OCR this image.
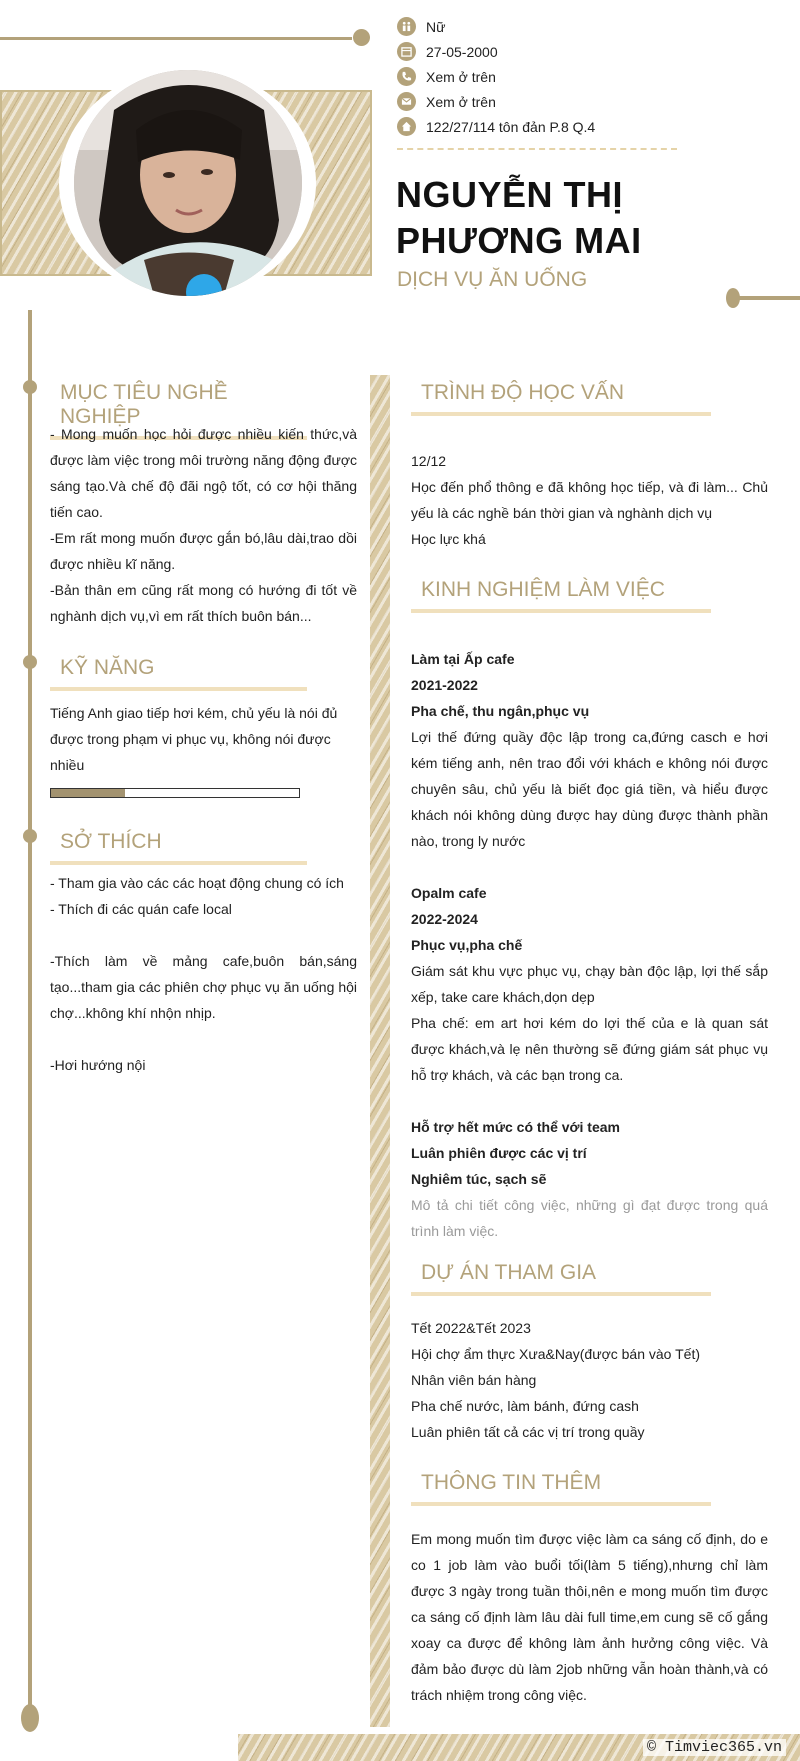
Nữ
27-05-2000
Xem ở trên
Xem ở trên
122/27/114 tôn đản P.8 Q.4
NGUYỄN THỊ
PHƯƠNG MAI
DỊCH VỤ ĂN UỐNG
MỤC TIÊU NGHỀ NGHIỆP

- Mong muốn học hỏi được nhiều kiến thức,và được làm việc trong môi trường năng động được sáng tạo.Và chế độ đãi ngộ tốt, có cơ hội thăng tiến cao.

-Em rất mong muốn được gắn bó,lâu dài,trao dồi được nhiều kĩ năng.

-Bản thân em cũng rất mong có hướng đi tốt về nghành dịch vụ,vì em rất thích buôn bán...

KỸ NĂNG
Tiếng Anh giao tiếp hơi kém, chủ yếu là nói đủ được trong phạm vi phục vụ, không nói được nhiều
SỞ THÍCH

- Tham gia vào các các hoạt động chung có ích

- Thích đi các quán cafe local

-Thích làm về mảng cafe,buôn bán,sáng tạo...tham gia các phiên chợ phục vụ ăn uống hội chợ...không khí nhộn nhịp.

-Hơi hướng nội

TRÌNH ĐỘ HỌC VẤN

12/12

Học đến phổ thông e đã không học tiếp, và đi làm... Chủ yếu là các nghề bán thời gian và nghành dịch vụ

Học lực khá

KINH NGHIỆM LÀM VIỆC

Làm tại Ấp cafe

2021-2022

Pha chế, thu ngân,phục vụ

Lợi thế đứng quầy độc lập trong ca,đứng casch e hơi kém tiếng anh, nên trao đổi với khách e không nói được chuyên sâu, chủ yếu là biết đọc giá tiền, và hiểu được khách nói không dùng được hay dùng được thành phần nào, trong ly nước

Opalm cafe

2022-2024

Phục vụ,pha chế

Giám sát khu vực phục vụ, chạy bàn độc lập, lợi thế sắp xếp, take care khách,dọn dẹp

Pha chế: em art hơi kém do lợi thế của e là quan sát được khách,và lẹ nên thường sẽ đứng giám sát phục vụ hỗ trợ khách, và các bạn trong ca.

Hỗ trợ hết mức có thể với team

Luân phiên được các vị trí

Nghiêm túc, sạch sẽ

Mô tả chi tiết công việc, những gì đạt được trong quá trình làm việc.

DỰ ÁN THAM GIA

Tết 2022&Tết 2023

Hội chợ ẩm thực Xưa&Nay(được bán vào Tết)

Nhân viên bán hàng

Pha chế nước, làm bánh, đứng cash

Luân phiên tất cả các vị trí trong quầy

THÔNG TIN THÊM
Em mong muốn tìm được việc làm ca sáng cố định, do e co 1 job làm vào buổi tối(làm 5 tiếng),nhưng chỉ làm được 3 ngày trong tuần thôi,nên e mong muốn tìm được ca sáng cố định làm lâu dài full time,em cung sẽ cố gắng xoay ca được để không làm ảnh hưởng công việc. Và đảm bảo được dù làm 2job những vẫn hoàn thành,và có trách nhiệm trong công việc.
© Timviec365.vn
